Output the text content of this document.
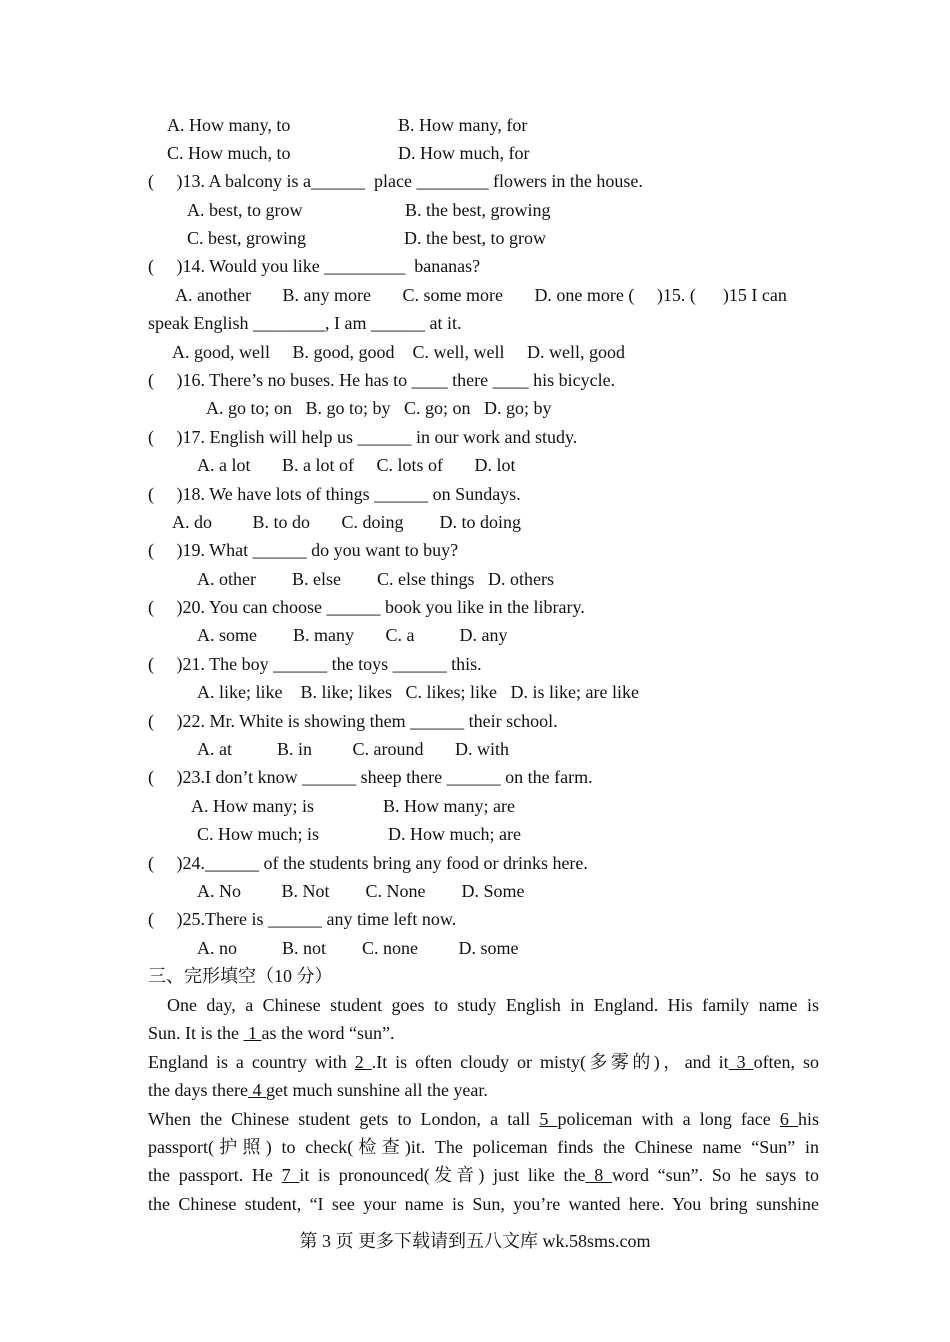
A. How many, to	B. How many, for
C. How much, to	D. How much, for
(     )13. A balcony is a______  place ________ flowers in the house.
A. best, to grow	B. the best, growing
C. best, growing	D. the best, to grow
(     )14. Would you like _________  bananas?
A. another       B. any more       C. some more       D. one more (     )15. (      )15 I can
speak English ________, I am ______ at it.
A. good, well     B. good, good    C. well, well     D. well, good
(     )16. There’s no buses. He has to ____ there ____ his bicycle.
A. go to; on   B. go to; by   C. go; on   D. go; by
(     )17. English will help us ______ in our work and study.
A. a lot       B. a lot of     C. lots of       D. lot
(     )18. We have lots of things ______ on Sundays.
A. do         B. to do       C. doing        D. to doing
(     )19. What ______ do you want to buy?
A. other        B. else        C. else things   D. others
(     )20. You can choose ______ book you like in the library.
A. some        B. many       C. a          D. any
(     )21. The boy ______ the toys ______ this.
A. like; like    B. like; likes   C. likes; like   D. is like; are like
(     )22. Mr. White is showing them ______ their school.
A. at          B. in         C. around       D. with
(     )23.I don’t know ______ sheep there ______ on the farm.
A. How many; is	B. How many; are
C. How much; is	D. How much; are
(     )24.______ of the students bring any food or drinks here.
A. No         B. Not        C. None        D. Some
(     )25.There is ______ any time left now.
A. no          B. not        C. none         D. some
三、完形填空（10 分）
One day, a Chinese student goes to study English in England. His family name is
Sun. It is the  1 as the word “sun”.
England is a country with 2 .It is often cloudy or misty(多雾的)，and it 3 often, so
the days there 4 get much sunshine all the year.
When the Chinese student gets to London, a tall 5 policeman with a long face 6 his
passport(护照) to check(检查)it. The policeman finds the Chinese name “Sun” in
the passport. He 7 it is pronounced(发音) just like the 8 word “sun”. So he says to
the Chinese student, “I see your name is Sun, you’re wanted here. You bring sunshine
第 3 页 更多下载请到五八文库 wk.58sms.com
